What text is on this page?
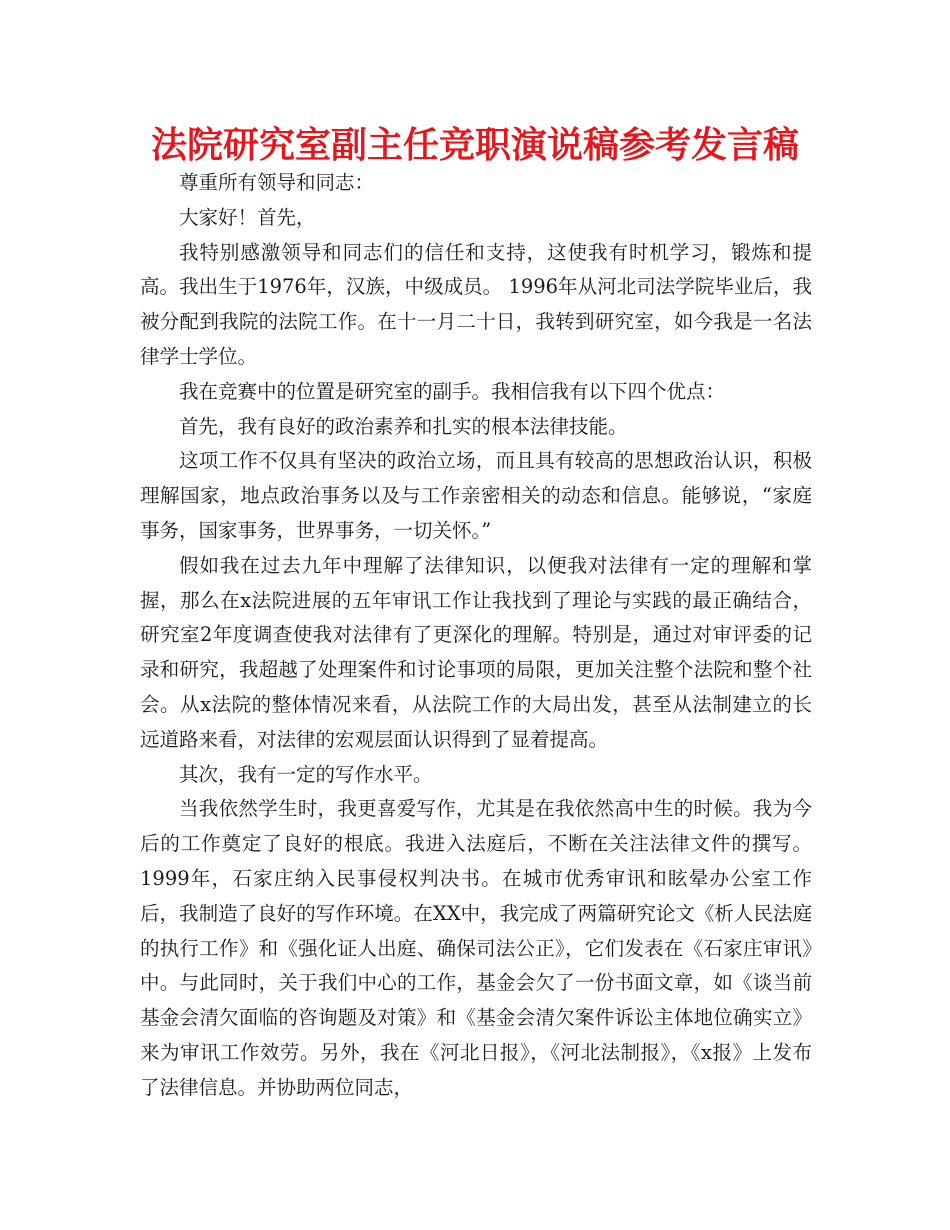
法院研究室副主任竞职演说稿参考发言稿

尊重所有领导和同志：

大家好！首先，

我特别感激领导和同志们的信任和支持，这使我有时机学习，锻炼和提高。我出生于1976年，汉族，中级成员。 1996年从河北司法学院毕业后，我被分配到我院的法院工作。在十一月二十日，我转到研究室，如今我是一名法律学士学位。

我在竞赛中的位置是研究室的副手。我相信我有以下四个优点：

首先，我有良好的政治素养和扎实的根本法律技能。

这项工作不仅具有坚决的政治立场，而且具有较高的思想政治认识，积极理解国家，地点政治事务以及与工作亲密相关的动态和信息。能够说，“家庭事务，国家事务，世界事务，一切关怀。”

假如我在过去九年中理解了法律知识，以便我对法律有一定的理解和掌握，那么在x法院进展的五年审讯工作让我找到了理论与实践的最正确结合，研究室2年度调查使我对法律有了更深化的理解。特别是，通过对审评委的记录和研究，我超越了处理案件和讨论事项的局限，更加关注整个法院和整个社会。从x法院的整体情况来看，从法院工作的大局出发，甚至从法制建立的长远道路来看，对法律的宏观层面认识得到了显着提高。

其次，我有一定的写作水平。

当我依然学生时，我更喜爱写作，尤其是在我依然高中生的时候。我为今后的工作奠定了良好的根底。我进入法庭后，不断在关注法律文件的撰写。 1999年，石家庄纳入民事侵权判决书。在城市优秀审讯和眩晕办公室工作后，我制造了良好的写作环境。在XX中，我完成了两篇研究论文《析人民法庭的执行工作》和《强化证人出庭、确保司法公正》，它们发表在《石家庄审讯》中。与此同时，关于我们中心的工作，基金会欠了一份书面文章，如《谈当前基金会清欠面临的咨询题及对策》和《基金会清欠案件诉讼主体地位确实立》来为审讯工作效劳。另外，我在《河北日报》，《河北法制报》，《x报》上发布了法律信息。并协助两位同志，
